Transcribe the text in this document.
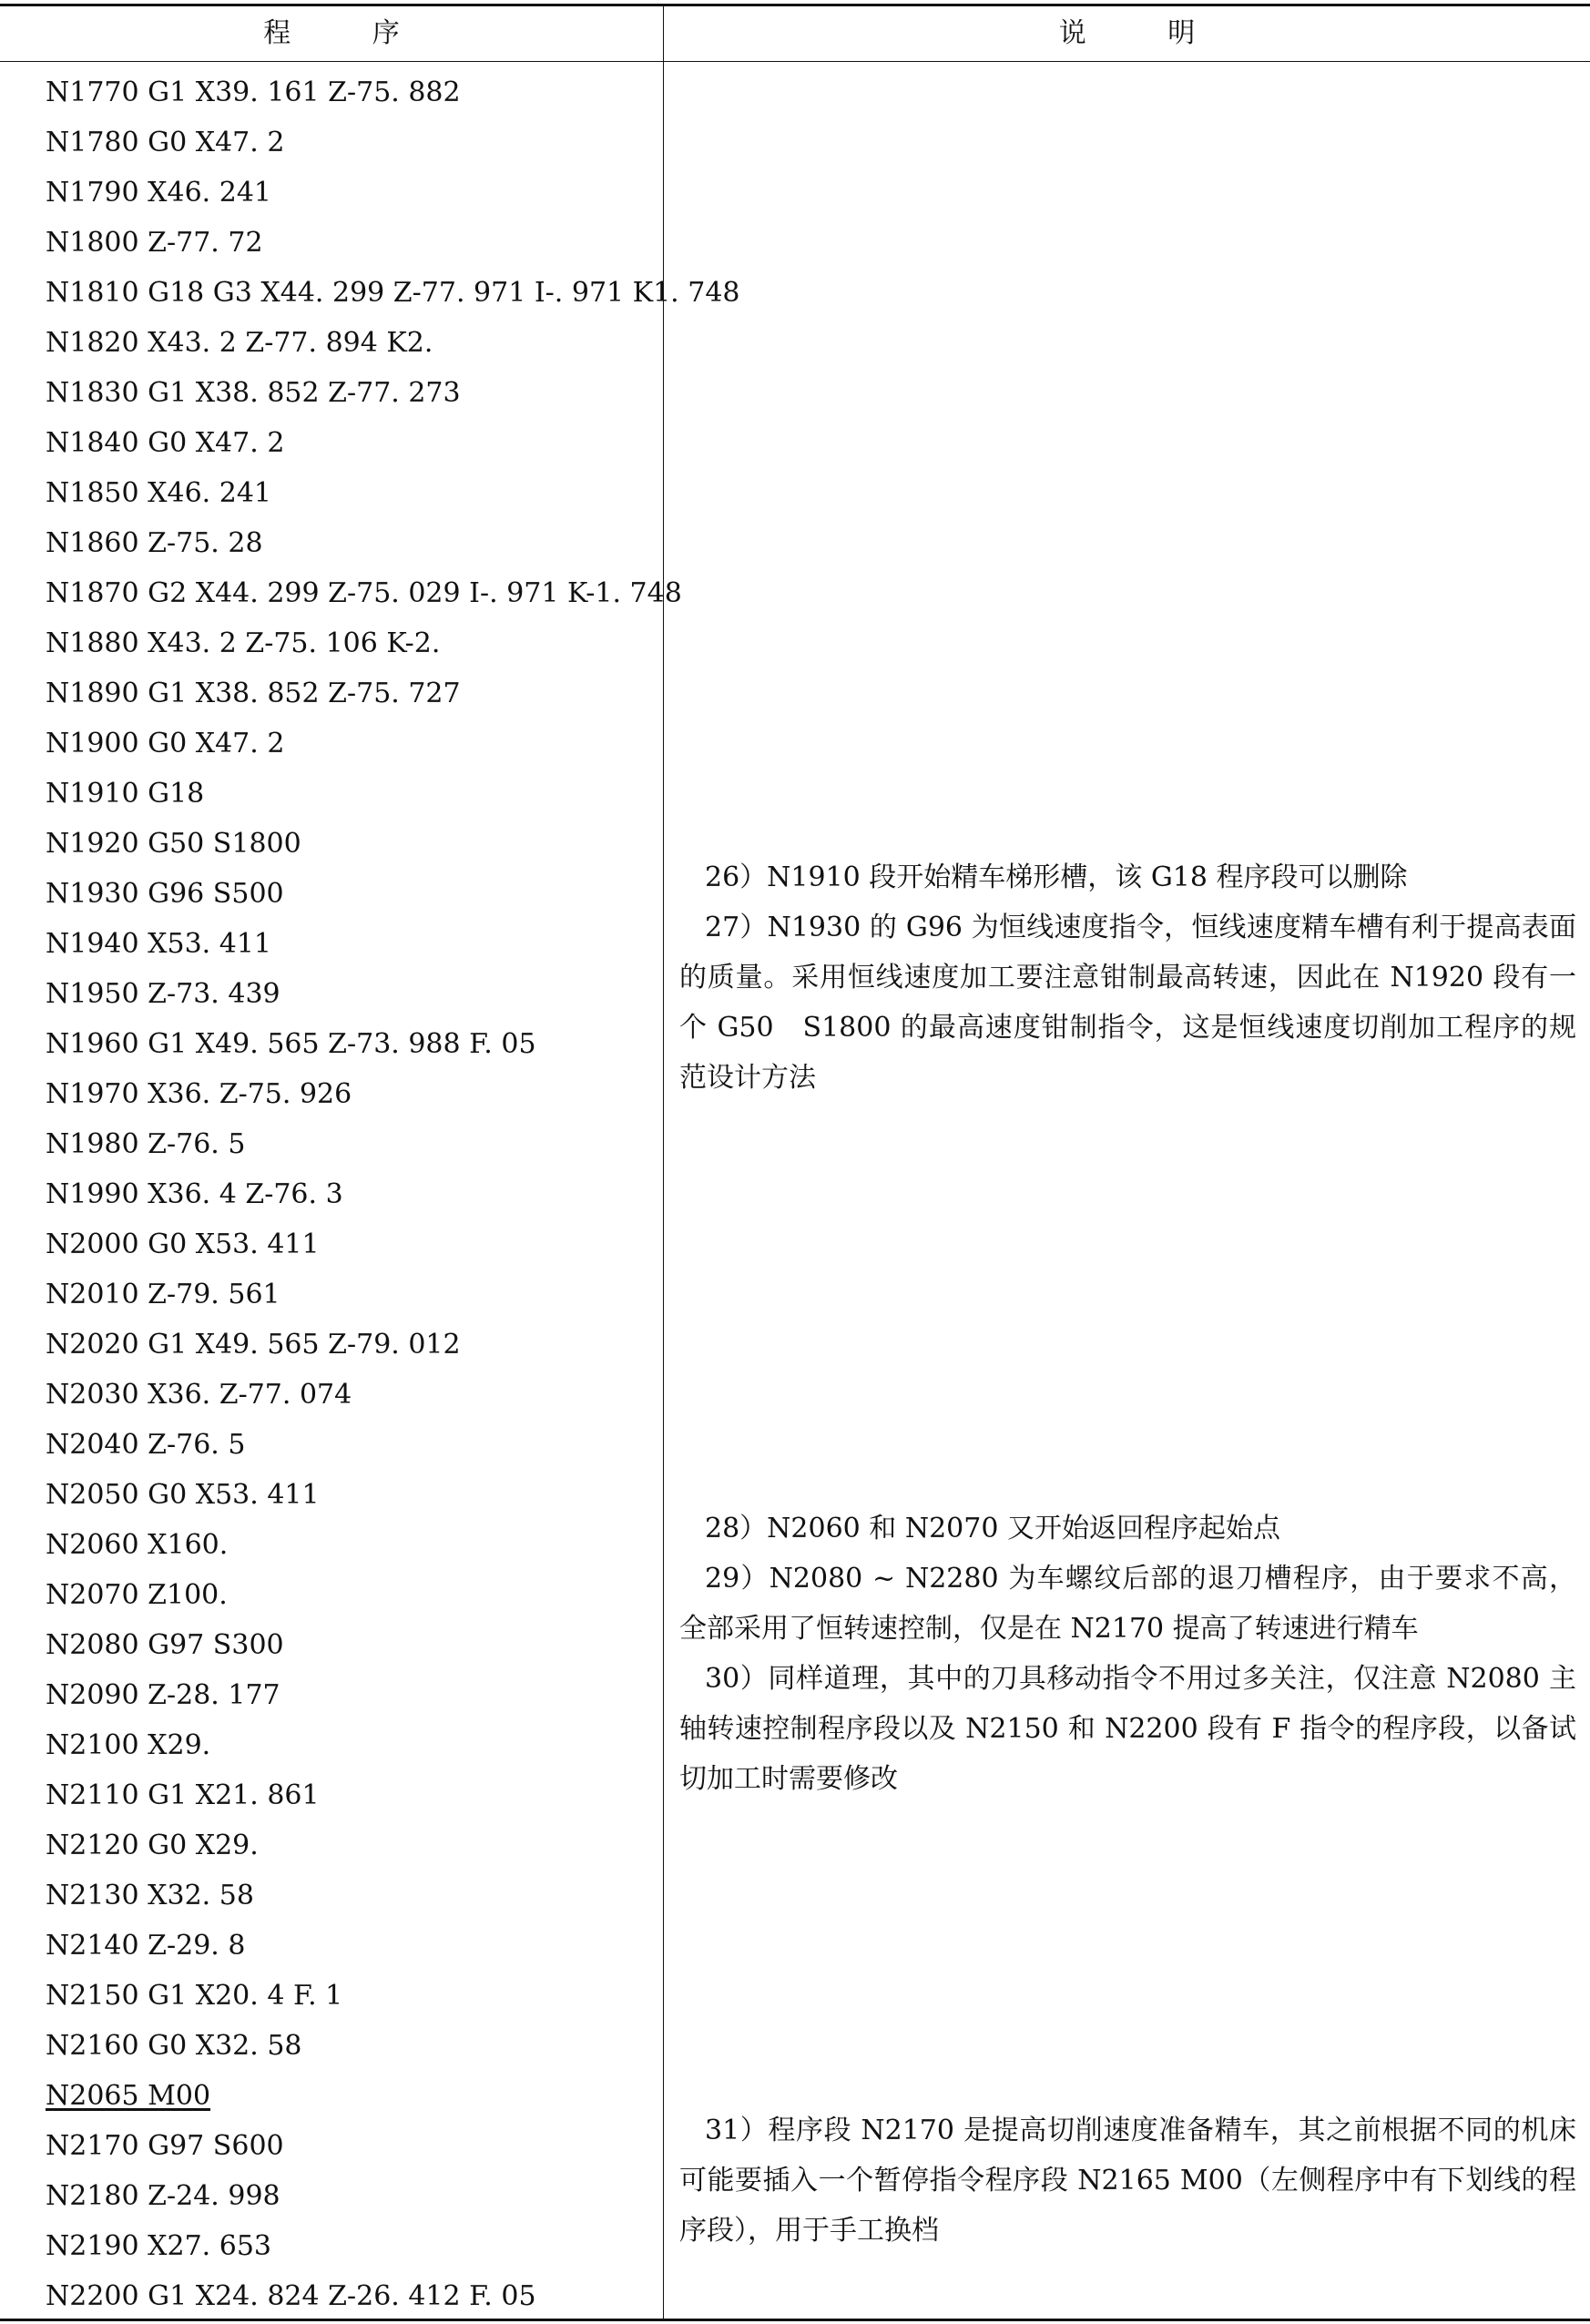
程 序	说 明
N1770 G1 X39. 161 Z-75. 882
N1780 G0 X47. 2
N1790 X46. 241
N1800 Z-77. 72
N1810 G18 G3 X44. 299 Z-77. 971 I-. 971 K1. 748
N1820 X43. 2 Z-77. 894 K2.
N1830 G1 X38. 852 Z-77. 273
N1840 G0 X47. 2
N1850 X46. 241
N1860 Z-75. 28
N1870 G2 X44. 299 Z-75. 029 I-. 971 K-1. 748
N1880 X43. 2 Z-75. 106 K-2.
N1890 G1 X38. 852 Z-75. 727
N1900 G0 X47. 2
N1910 G18
N1920 G50 S1800
N1930 G96 S500
N1940 X53. 411
N1950 Z-73. 439
N1960 G1 X49. 565 Z-73. 988 F. 05
N1970 X36. Z-75. 926
N1980 Z-76. 5
N1990 X36. 4 Z-76. 3
N2000 G0 X53. 411
N2010 Z-79. 561
N2020 G1 X49. 565 Z-79. 012
N2030 X36. Z-77. 074
N2040 Z-76. 5
N2050 G0 X53. 411
N2060 X160.
N2070 Z100.
N2080 G97 S300
N2090 Z-28. 177
N2100 X29.
N2110 G1 X21. 861
N2120 G0 X29.
N2130 X32. 58
N2140 Z-29. 8
N2150 G1 X20. 4 F. 1
N2160 G0 X32. 58
N2065 M00
N2170 G97 S600
N2180 Z-24. 998
N2190 X27. 653
N2200 G1 X24. 824 Z-26. 412 F. 05

26）N1910 段开始精车梯形槽，该 G18 程序段可以删除

27）N1930 的 G96 为恒线速度指令，恒线速度精车槽有利于提高表面的质量。采用恒线速度加工要注意钳制最高转速，因此在 N1920 段有一个 G50　S1800 的最高速度钳制指令，这是恒线速度切削加工程序的规范设计方法

28）N2060 和 N2070 又开始返回程序起始点

29）N2080 ~ N2280 为车螺纹后部的退刀槽程序，由于要求不高，全部采用了恒转速控制，仅是在 N2170 提高了转速进行精车

30）同样道理，其中的刀具移动指令不用过多关注，仅注意 N2080 主轴转速控制程序段以及 N2150 和 N2200 段有 F 指令的程序段，以备试切加工时需要修改

31）程序段 N2170 是提高切削速度准备精车，其之前根据不同的机床可能要插入一个暂停指令程序段 N2165 M00（左侧程序中有下划线的程序段），用于手工换档
